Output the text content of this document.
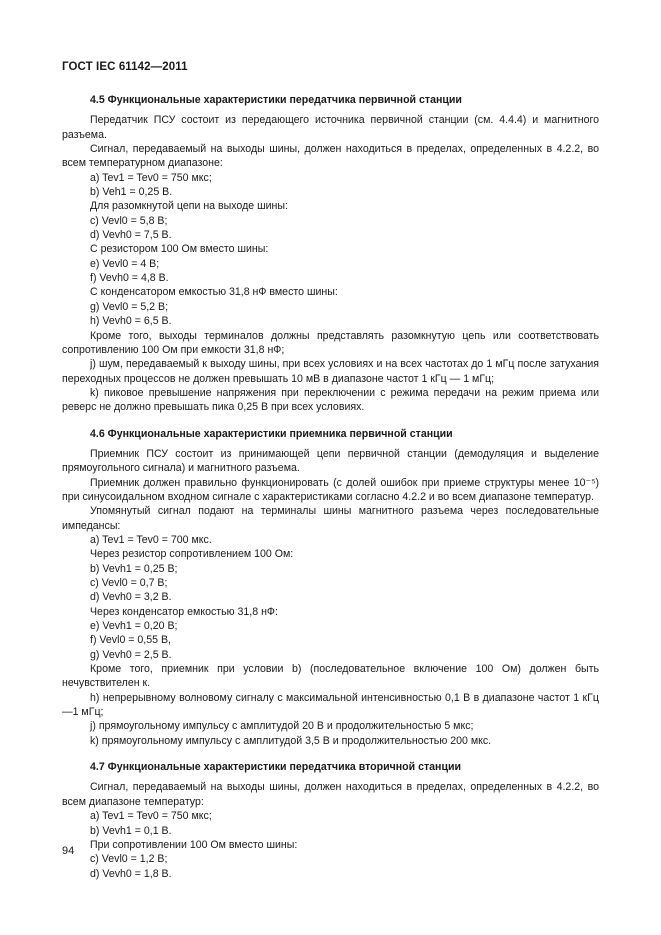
ГОСТ IEC 61142—2011

4.5 Функциональные характеристики передатчика первичной станции

Передатчик ПСУ состоит из передающего источника первичной станции (см. 4.4.4) и магнитного разъема.

Сигнал, передаваемый на выходы шины, должен находиться в пределах, определенных в 4.2.2, во всем температурном диапазоне:

a) Tev1 = Tev0 = 750 мкс;

b) Veh1 = 0,25 В.

Для разомкнутой цепи на выходе шины:

c) Vevl0 = 5,8 В;

d) Vevh0 = 7,5 В.

С резистором 100 Ом вместо шины:

e) Vevl0 = 4 В;

f) Vevh0 = 4,8 В.

С конденсатором емкостью 31,8 нФ вместо шины:

g) Vevl0 = 5,2 В;

h) Vevh0 = 6,5 В.

Кроме того, выходы терминалов должны представлять разомкнутую цепь или соответствовать сопротивлению 100 Ом при емкости 31,8 нФ;

j) шум, передаваемый к выходу шины, при всех условиях и на всех частотах до 1 мГц после затухания переходных процессов не должен превышать 10 мВ в диапазоне частот 1 кГц — 1 мГц;

k) пиковое превышение напряжения при переключении с режима передачи на режим приема или реверс не должно превышать пика 0,25 В при всех условиях.

4.6 Функциональные характеристики приемника первичной станции

Приемник ПСУ состоит из принимающей цепи первичной станции (демодуляция и выделение прямоугольного сигнала) и магнитного разъема.

Приемник должен правильно функционировать (с долей ошибок при приеме структуры менее 10⁻⁵) при синусоидальном входном сигнале с характеристиками согласно 4.2.2 и во всем диапазоне температур.

Упомянутый сигнал подают на терминалы шины магнитного разъема через последовательные импедансы:

a) Tev1 = Tev0 = 700 мкс.

Через резистор сопротивлением 100 Ом:

b) Vevh1 = 0,25 В;

c) Vevl0 = 0,7 В;

d) Vevh0 = 3,2 В.

Через конденсатор емкостью 31,8 нФ:

e) Vevh1 = 0,20 В;

f) Vevl0 = 0,55 В,

g) Vevh0 = 2,5 В.

Кроме того, приемник при условии b) (последовательное включение 100 Ом) должен быть нечувствителен к.

h) непрерывному волновому сигналу с максимальной интенсивностью 0,1 В в диапазоне частот 1 кГц —1 мГц;

j) прямоугольному импульсу с амплитудой 20 В и продолжительностью 5 мкс;

k) прямоугольному импульсу с амплитудой 3,5 В и продолжительностью 200 мкс.

4.7 Функциональные характеристики передатчика вторичной станции

Сигнал, передаваемый на выходы шины, должен находиться в пределах, определенных в 4.2.2, во всем диапазоне температур:

a) Tev1 = Tev0 = 750 мкс;

b) Vevh1 = 0,1 В.

При сопротивлении 100 Ом вместо шины:

c) Vevl0 = 1,2 В;

d) Vevh0 = 1,8 В.

94
